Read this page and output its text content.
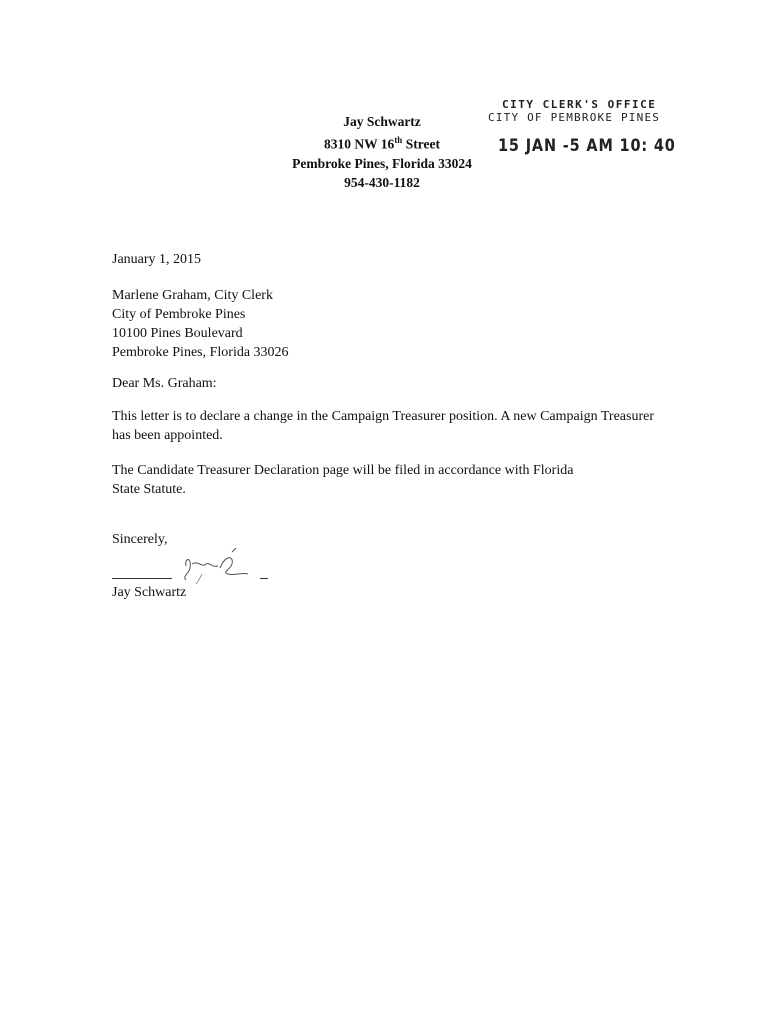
Jay Schwartz
8310 NW 16th Street
Pembroke Pines, Florida 33024
954-430-1182
CITY CLERK'S OFFICE
CITY OF PEMBROKE PINES
15 JAN -5 AM 10: 40
January 1, 2015
Marlene Graham, City Clerk
City of Pembroke Pines
10100 Pines Boulevard
Pembroke Pines, Florida 33026
Dear Ms. Graham:
This letter is to declare a change in the Campaign Treasurer position. A new Campaign Treasurer
has been appointed.
The Candidate Treasurer Declaration page will be filed in accordance with Florida
State Statute.
Sincerely,
Jay Schwartz
